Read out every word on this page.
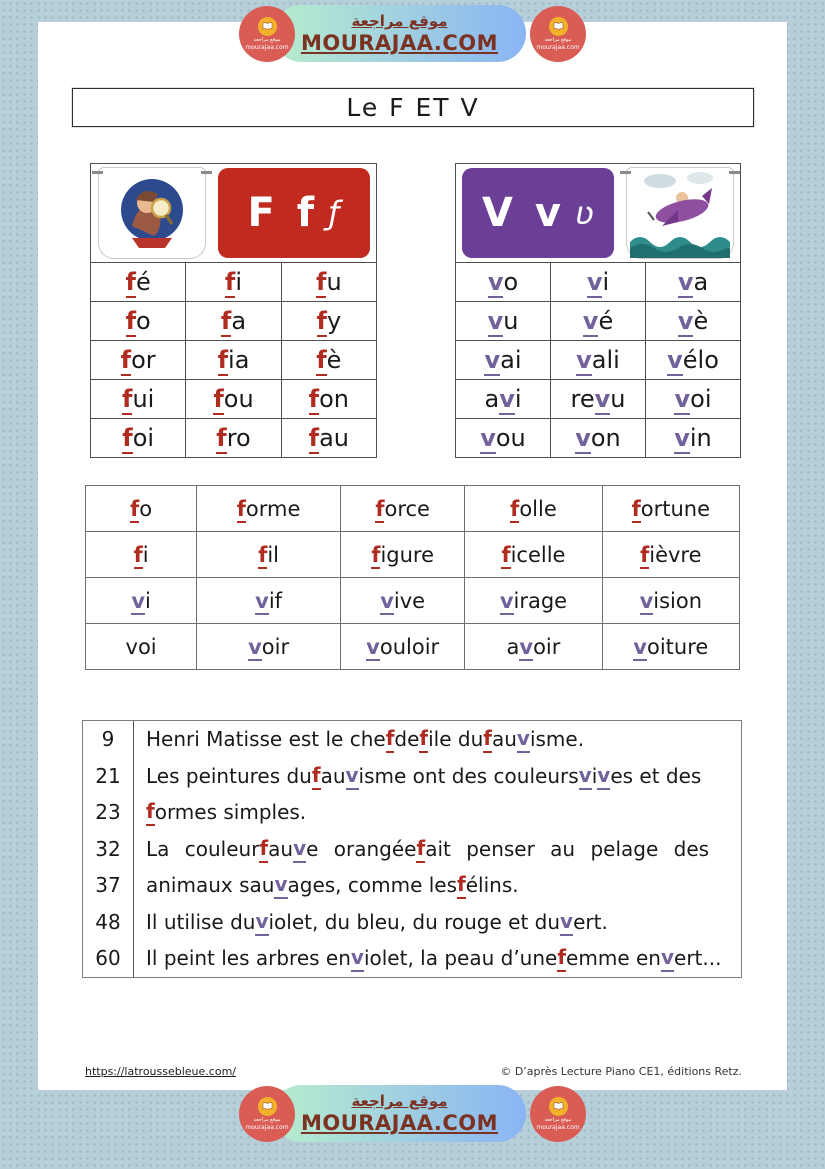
موقع مراجعة
mourajaa.com
موقع مراجعة
MOURAJAA.COM	موقع مراجعة
mourajaa.com
Le F ET V
F f ƒ		

fé	fi	fu
fo	fa	fy
for	fia	fè
fui	fou	fon
foi	fro	fau
V v ʋ		

vo	vi	va
vu	vé	vè
vai	vali	vélo
avi	revu	voi
vou	von	vin
fo	forme	force	folle	fortune
fi	fil	figure	ficelle	fièvre
vi	vif	vive	virage	vision
voi	voir	vouloir	avoir	voiture
9	Henri Matisse est le che f de f ile du f au v isme.
21	Les peintures du f au v isme ont des couleurs v i v es et des
23	f ormes simples.
32	La couleur f au v e orangée f ait penser au pelage des
37	animaux sau v ages, comme les f élins.
48	Il utilise du v iolet, du bleu, du rouge et du v ert.
60	Il peint les arbres en v iolet, la peau d’une f emme en v ert...
https://latroussebleue.com/	© D’après Lecture Piano CE1, éditions Retz.
موقع مراجعة
mourajaa.com
موقع مراجعة
MOURAJAA.COM	موقع مراجعة
mourajaa.com
